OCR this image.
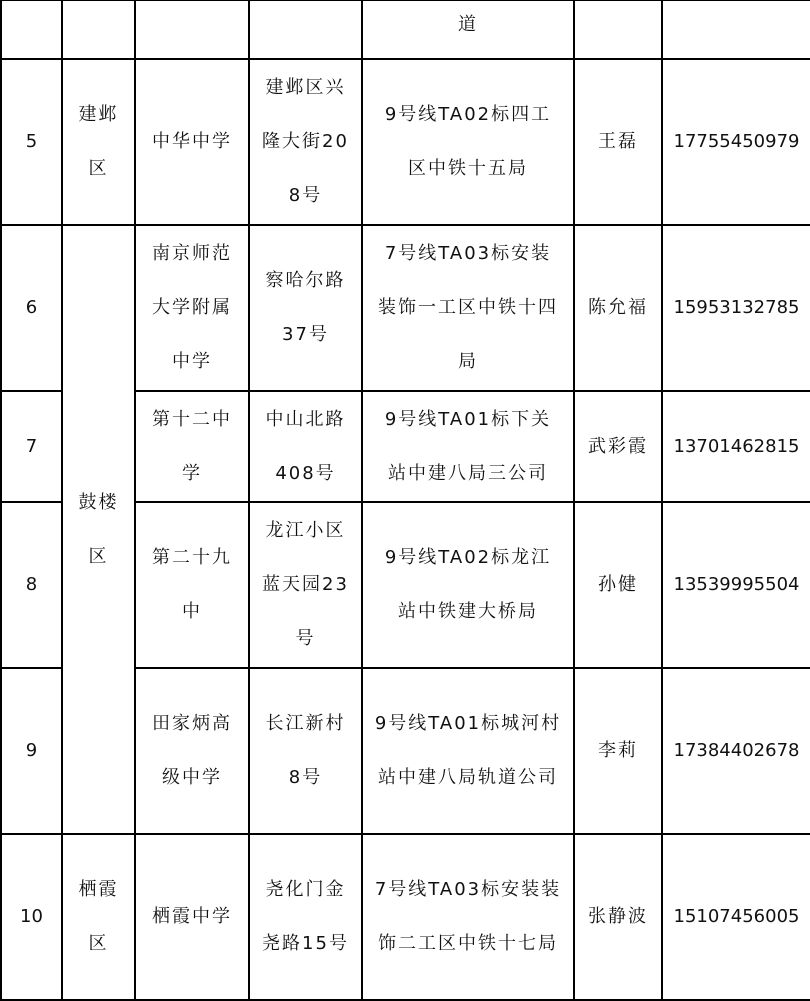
				道		

5	建邺区	中华中学	建邺区兴隆大街208号	9号线TA02标四工区中铁十五局	王磊	17755450979
6	鼓楼区	南京师范大学附属中学	察哈尔路37号	7号线TA03标安装装饰一工区中铁十四局	陈允福	15953132785
7		第十二中学	中山北路408号	9号线TA01标下关站中建八局三公司	武彩霞	13701462815
8		第二十九中	龙江小区蓝天园23号	9号线TA02标龙江站中铁建大桥局	孙健	13539995504
9		田家炳高级中学	长江新村8号	9号线TA01标城河村站中建八局轨道公司	李莉	17384402678
10	栖霞区	栖霞中学	尧化门金尧路15号	7号线TA03标安装装饰二工区中铁十七局	张静波	15107456005
